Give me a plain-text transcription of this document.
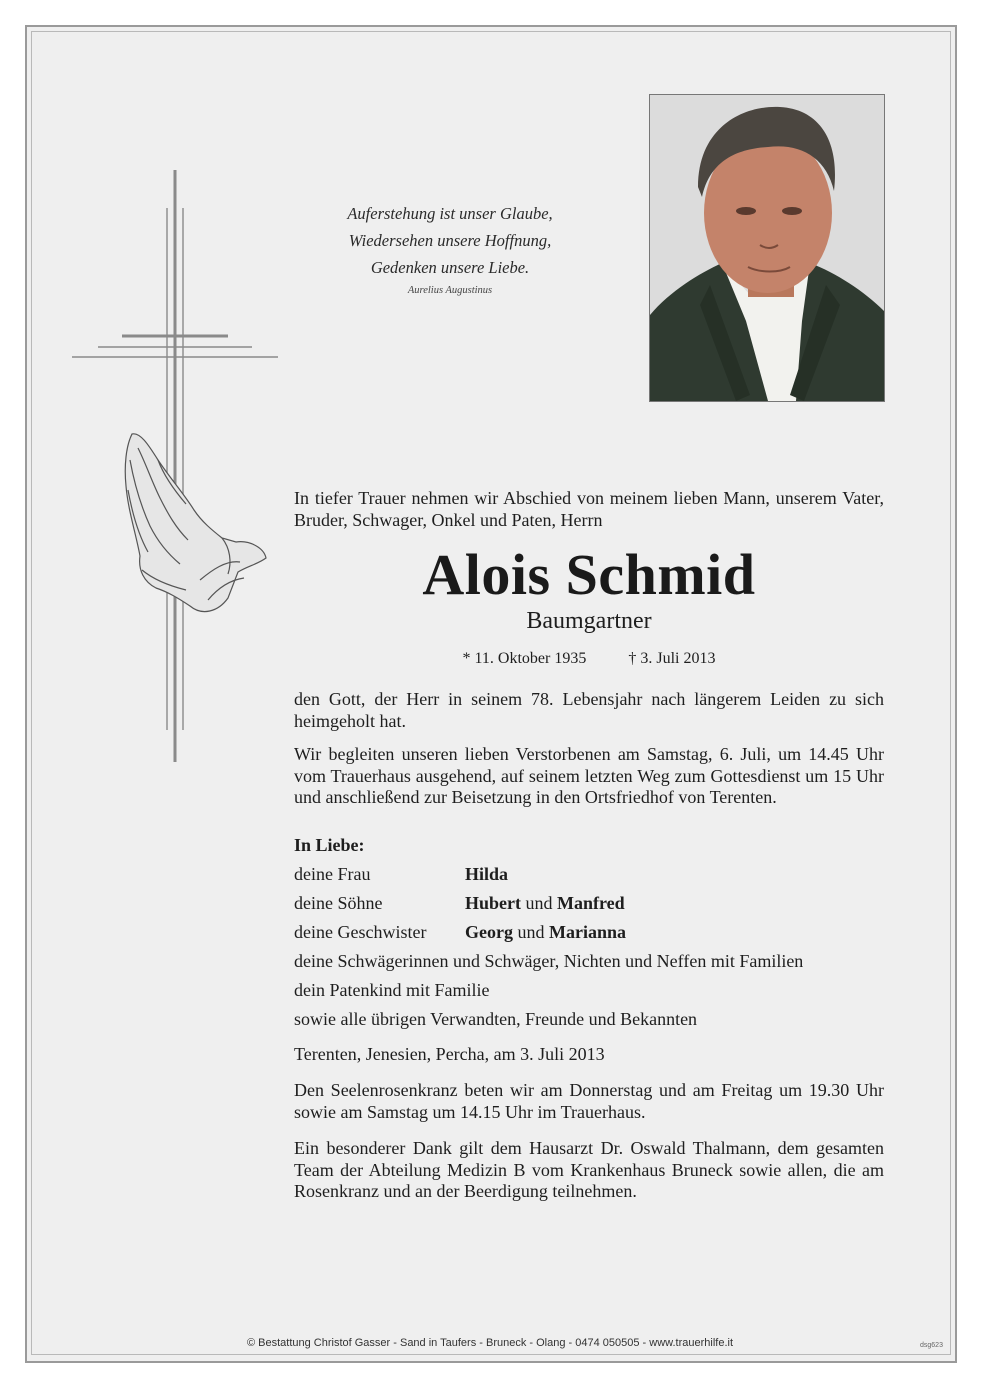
Auferstehung ist unser Glaube,
Wiedersehen unsere Hoffnung,
Gedenken unsere Liebe.
Aurelius Augustinus

In tiefer Trauer nehmen wir Abschied von meinem lieben Mann, unserem Vater, Bruder, Schwager, Onkel und Paten, Herrn

Alois Schmid
Baumgartner
* 11. Oktober 1935	† 3. Juli 2013

den Gott, der Herr in seinem 78. Lebensjahr nach längerem Leiden zu sich heimgeholt hat.

Wir begleiten unseren lieben Verstorbenen am Samstag, 6. Juli, um 14.45 Uhr vom Trauerhaus ausgehend, auf seinem letzten Weg zum Gottesdienst um 15 Uhr und anschließend zur Beisetzung in den Ortsfriedhof von Terenten.

In Liebe:
deine Frau	Hilda
deine Söhne	Hubert und Manfred
deine Geschwister Georg und Marianna
deine Schwägerinnen und Schwäger, Nichten und Neffen mit Familien
dein Patenkind mit Familie
sowie alle übrigen Verwandten, Freunde und Bekannten

Terenten, Jenesien, Percha, am 3. Juli 2013

Den Seelenrosenkranz beten wir am Donnerstag und am Freitag um 19.30 Uhr sowie am Samstag um 14.15 Uhr im Trauerhaus.

Ein besonderer Dank gilt dem Hausarzt Dr. Oswald Thalmann, dem gesamten Team der Abteilung Medizin B vom Krankenhaus Bruneck sowie allen, die am Rosenkranz und an der Beerdigung teilnehmen.

© Bestattung Christof Gasser - Sand in Taufers - Bruneck - Olang - 0474 050505 - www.trauerhilfe.it	dsg623
